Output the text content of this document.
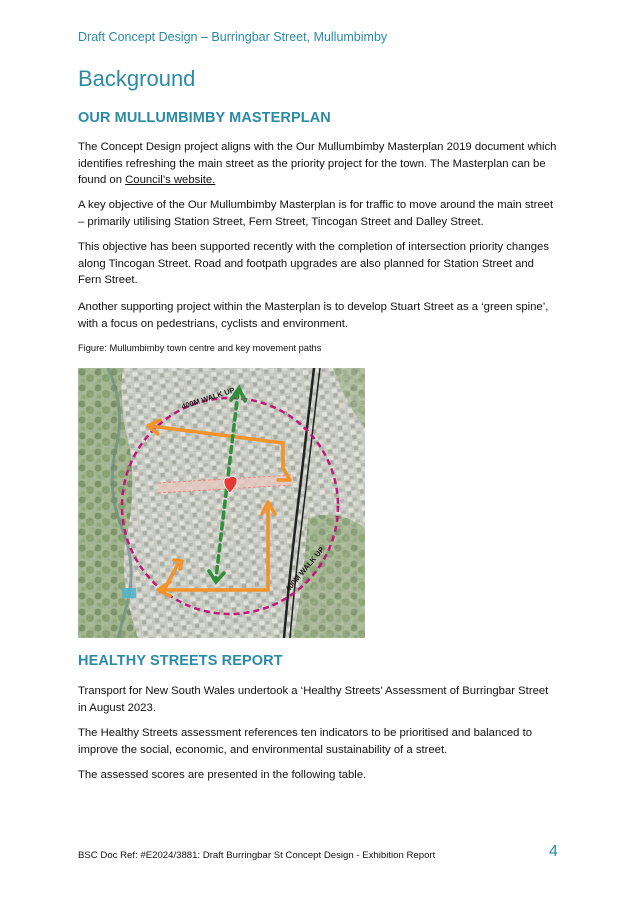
Draft Concept Design – Burringbar Street, Mullumbimby
Background
OUR MULLUMBIMBY MASTERPLAN

The Concept Design project aligns with the Our Mullumbimby Masterplan 2019 document which identifies refreshing the main street as the priority project for the town. The Masterplan can be found on Council’s website.

A key objective of the Our Mullumbimby Masterplan is for traffic to move around the main street – primarily utilising Station Street, Fern Street, Tincogan Street and Dalley Street.

This objective has been supported recently with the completion of intersection priority changes along Tincogan Street. Road and footpath upgrades are also planned for Station Street and Fern Street.

Another supporting project within the Masterplan is to develop Stuart Street as a ‘green spine’, with a focus on pedestrians, cyclists and environment.

Figure: Mullumbimby town centre and key movement paths

400M WALK UP
400M WALK UP
HEALTHY STREETS REPORT

Transport for New South Wales undertook a ‘Healthy Streets’ Assessment of Burringbar Street in August 2023.

The Healthy Streets assessment references ten indicators to be prioritised and balanced to improve the social, economic, and environmental sustainability of a street.

The assessed scores are presented in the following table.

BSC Doc Ref: #E2024/3881: Draft Burringbar St Concept Design - Exhibition Report	4
